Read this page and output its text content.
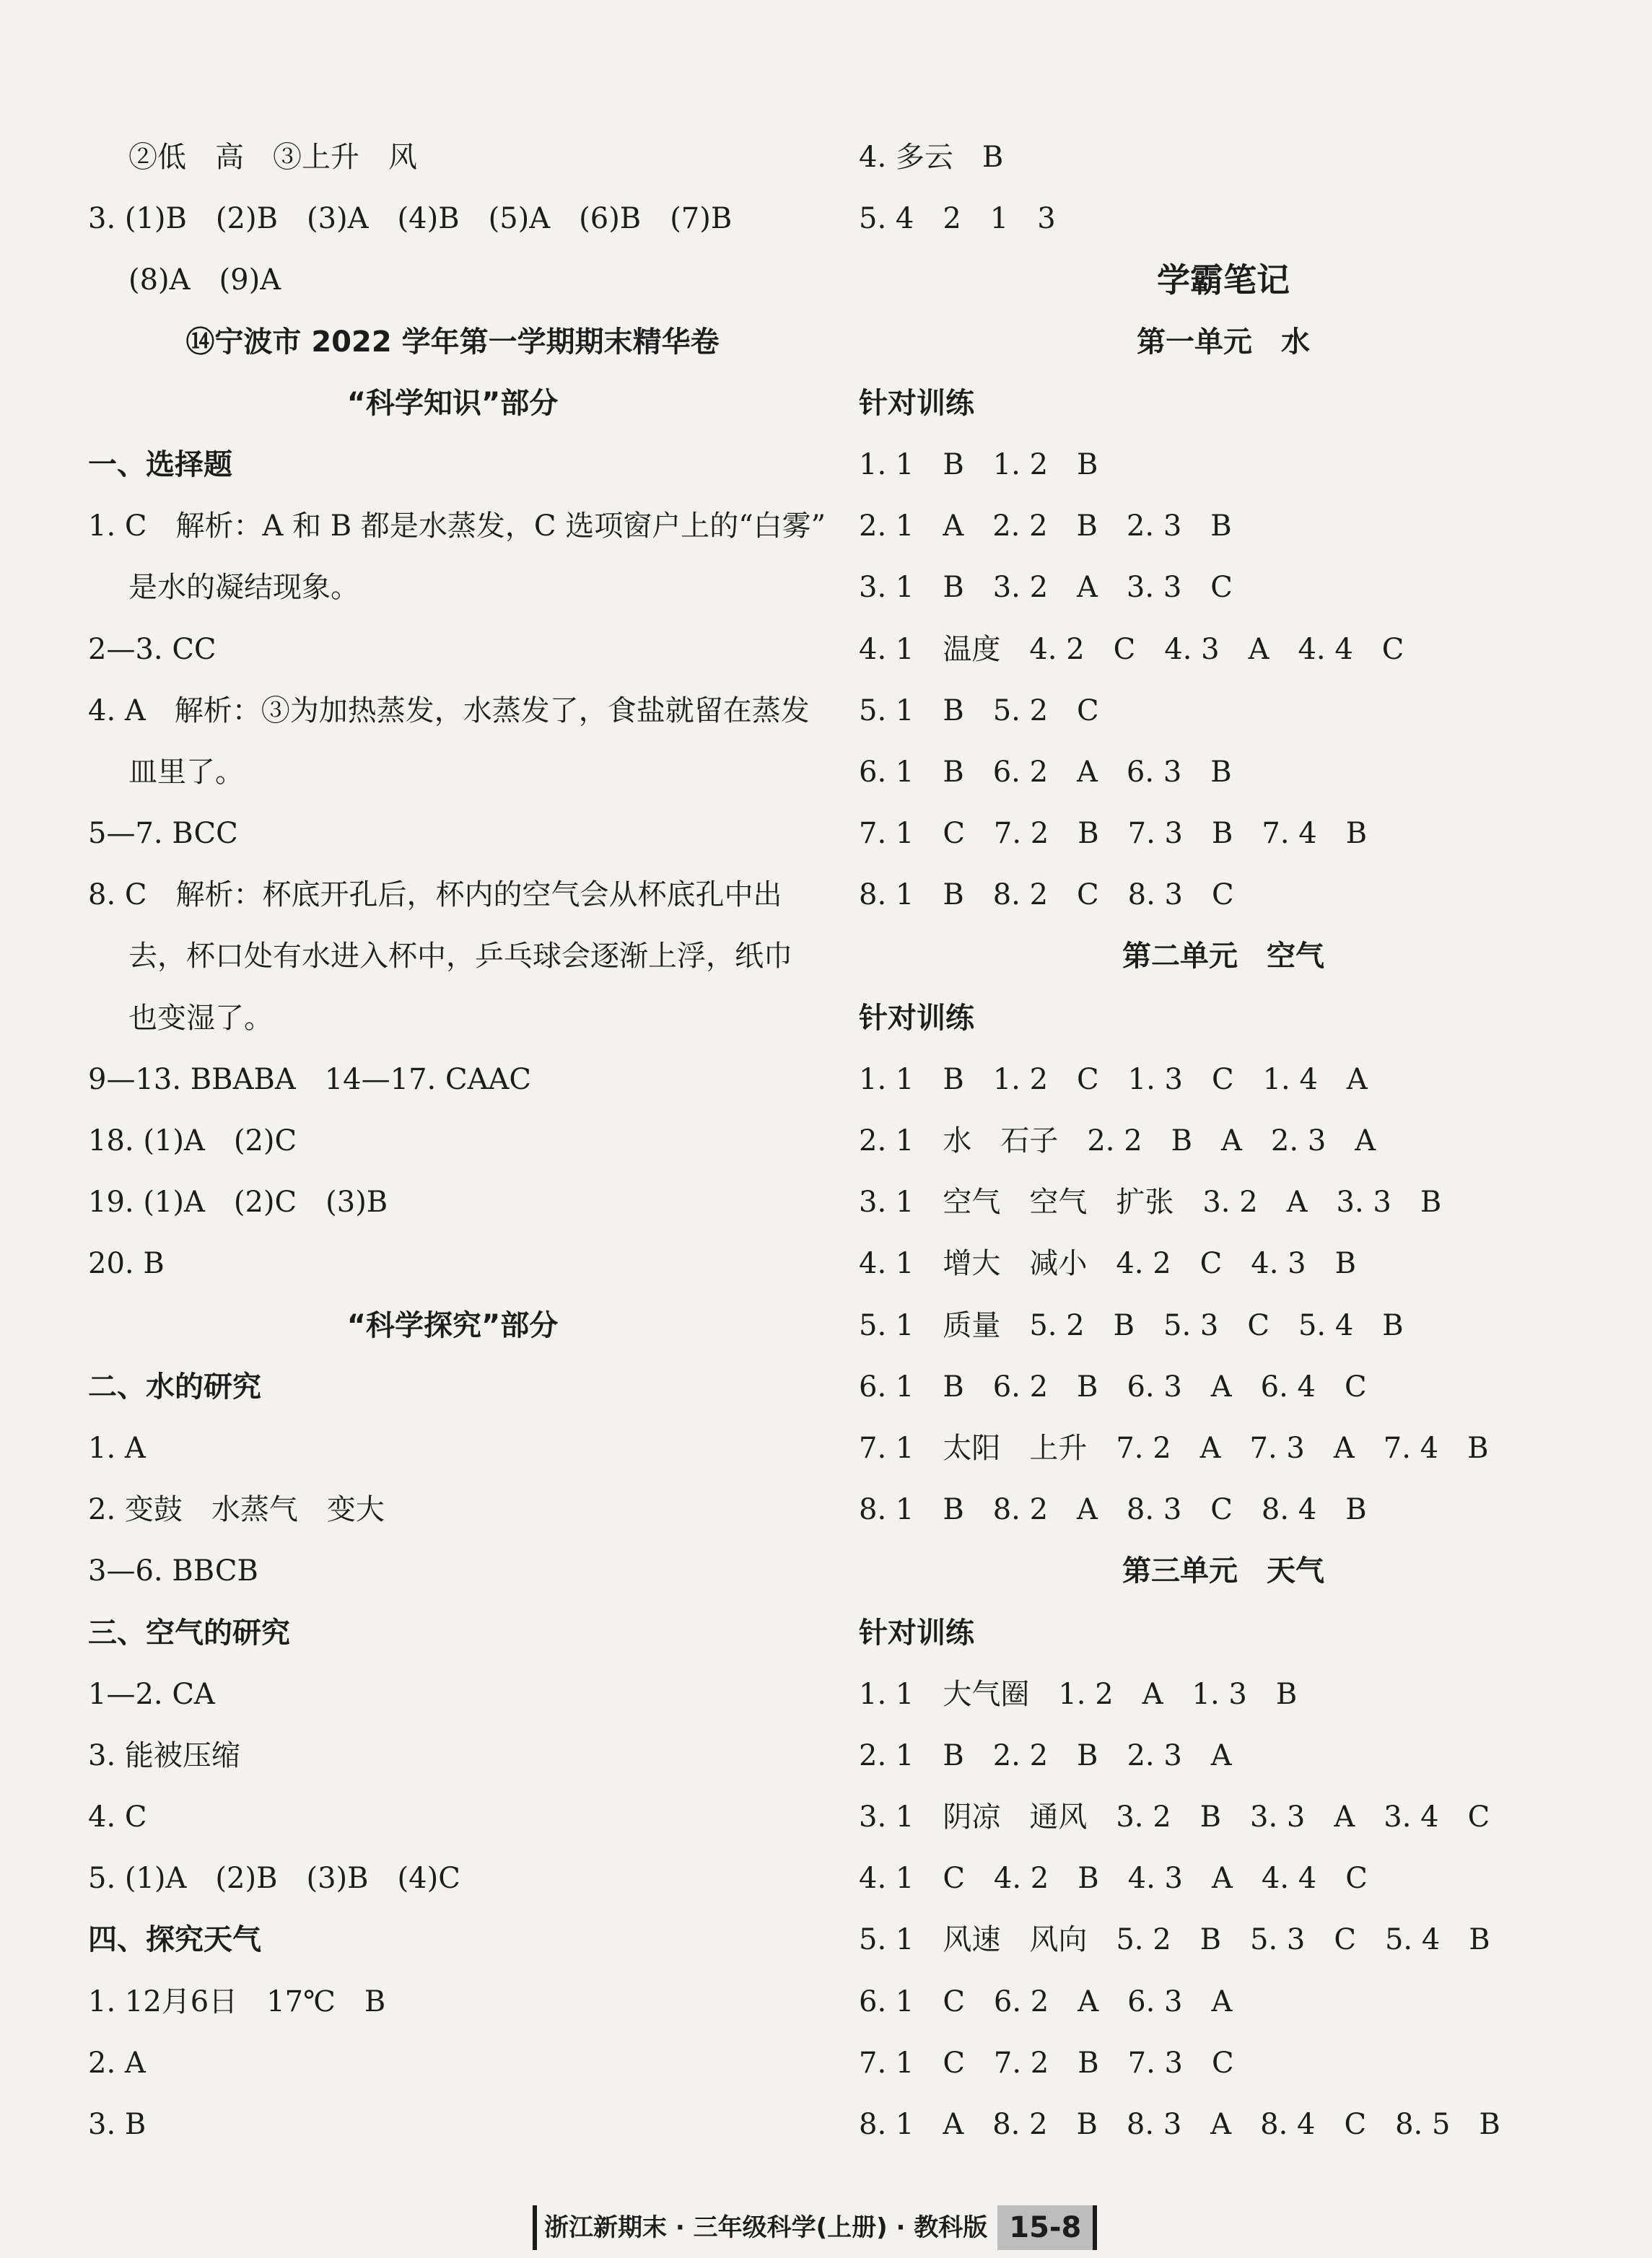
②低　高　③上升　风
3. (1)B　(2)B　(3)A　(4)B　(5)A　(6)B　(7)B
(8)A　(9)A
⑭宁波市 2022 学年第一学期期末精华卷
“科学知识”部分
一、选择题
1. C　解析：A 和 B 都是水蒸发，C 选项窗户上的“白雾”
是水的凝结现象。
2—3. CC
4. A　解析：③为加热蒸发，水蒸发了，食盐就留在蒸发
皿里了。
5—7. BCC
8. C　解析：杯底开孔后，杯内的空气会从杯底孔中出
去，杯口处有水进入杯中，乒乓球会逐渐上浮，纸巾
也变湿了。
9—13. BBABA　14—17. CAAC
18. (1)A　(2)C
19. (1)A　(2)C　(3)B
20. B
“科学探究”部分
二、水的研究
1. A
2. 变鼓　水蒸气　变大
3—6. BBCB
三、空气的研究
1—2. CA
3. 能被压缩
4. C
5. (1)A　(2)B　(3)B　(4)C
四、探究天气
1. 12月6日　17℃　B
2. A
3. B
4. 多云　B
5. 4　2　1　3
学霸笔记
第一单元　水
针对训练
1. 1　B　1. 2　B
2. 1　A　2. 2　B　2. 3　B
3. 1　B　3. 2　A　3. 3　C
4. 1　温度　4. 2　C　4. 3　A　4. 4　C
5. 1　B　5. 2　C
6. 1　B　6. 2　A　6. 3　B
7. 1　C　7. 2　B　7. 3　B　7. 4　B
8. 1　B　8. 2　C　8. 3　C
第二单元　空气
针对训练
1. 1　B　1. 2　C　1. 3　C　1. 4　A
2. 1　水　石子　2. 2　B　A　2. 3　A
3. 1　空气　空气　扩张　3. 2　A　3. 3　B
4. 1　增大　减小　4. 2　C　4. 3　B
5. 1　质量　5. 2　B　5. 3　C　5. 4　B
6. 1　B　6. 2　B　6. 3　A　6. 4　C
7. 1　太阳　上升　7. 2　A　7. 3　A　7. 4　B
8. 1　B　8. 2　A　8. 3　C　8. 4　B
第三单元　天气
针对训练
1. 1　大气圈　1. 2　A　1. 3　B
2. 1　B　2. 2　B　2. 3　A
3. 1　阴凉　通风　3. 2　B　3. 3　A　3. 4　C
4. 1　C　4. 2　B　4. 3　A　4. 4　C
5. 1　风速　风向　5. 2　B　5. 3　C　5. 4　B
6. 1　C　6. 2　A　6. 3　A
7. 1　C　7. 2　B　7. 3　C
8. 1　A　8. 2　B　8. 3　A　8. 4　C　8. 5　B
浙江新期末 · 三年级科学(上册) · 教科版 15-8
